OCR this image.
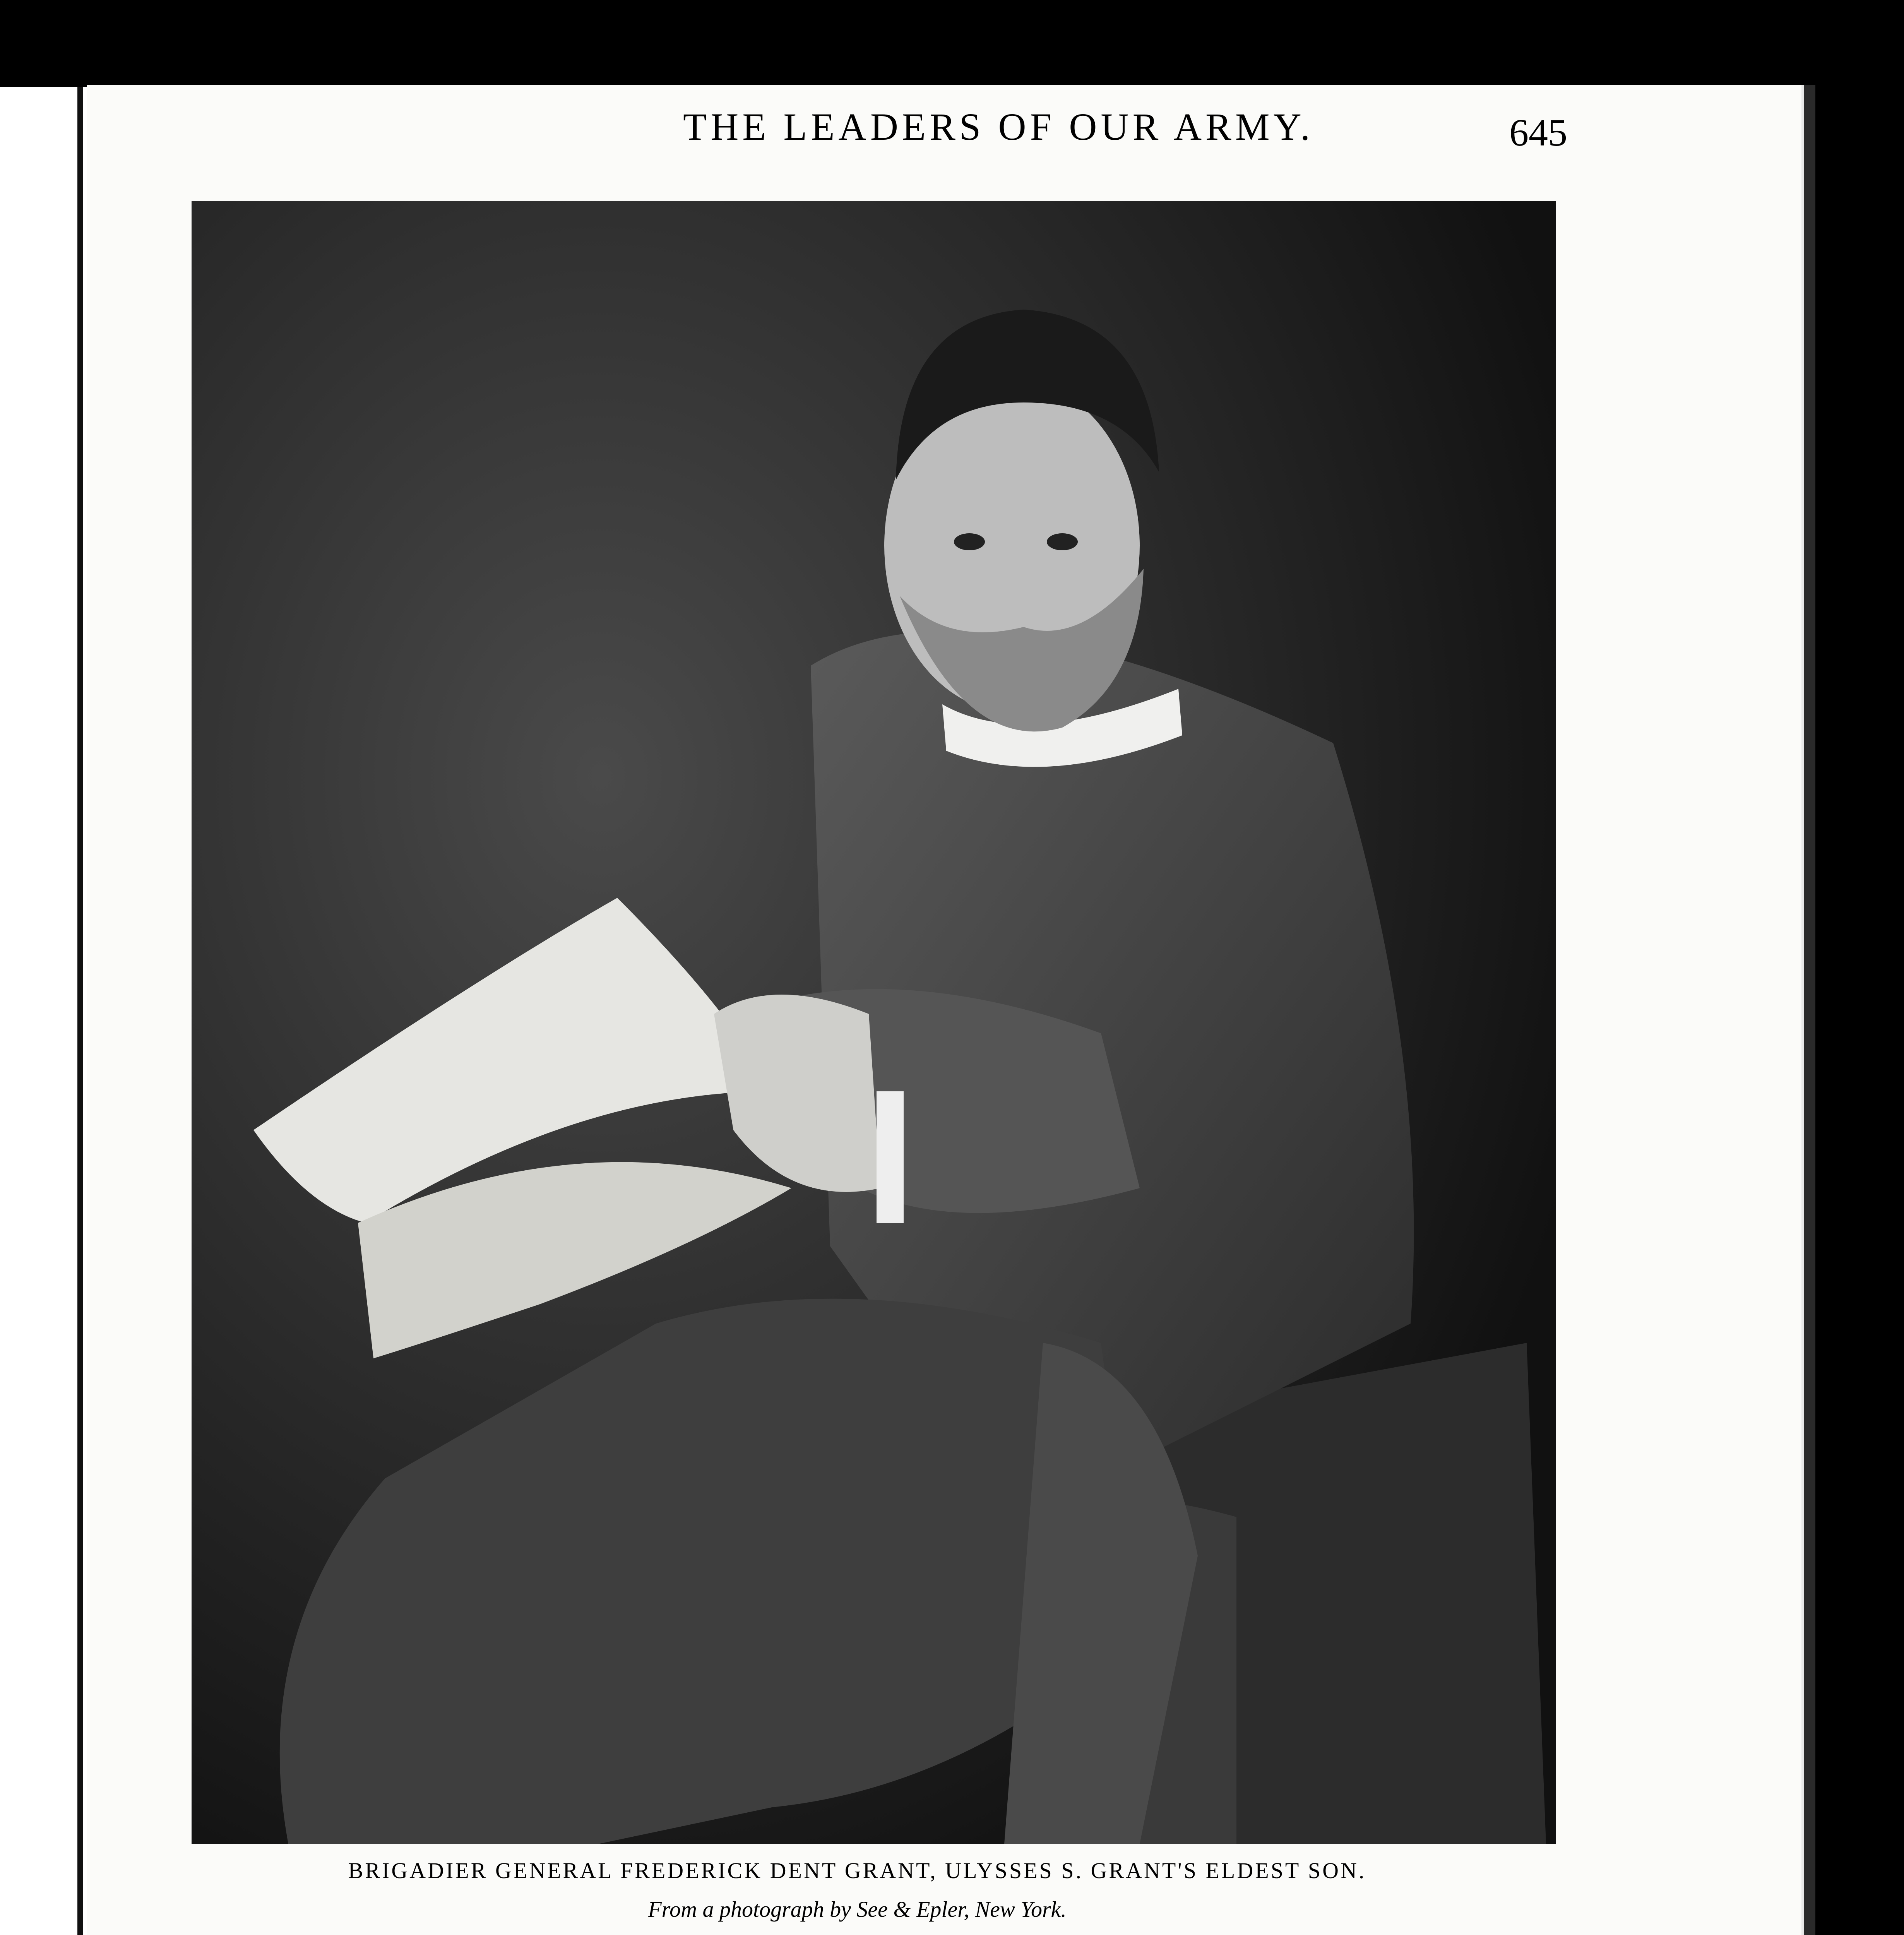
THE LEADERS OF OUR ARMY.	645
BRIGADIER GENERAL FREDERICK DENT GRANT, ULYSSES S. GRANT'S ELDEST SON.
From a photograph by See & Epler, New York.
